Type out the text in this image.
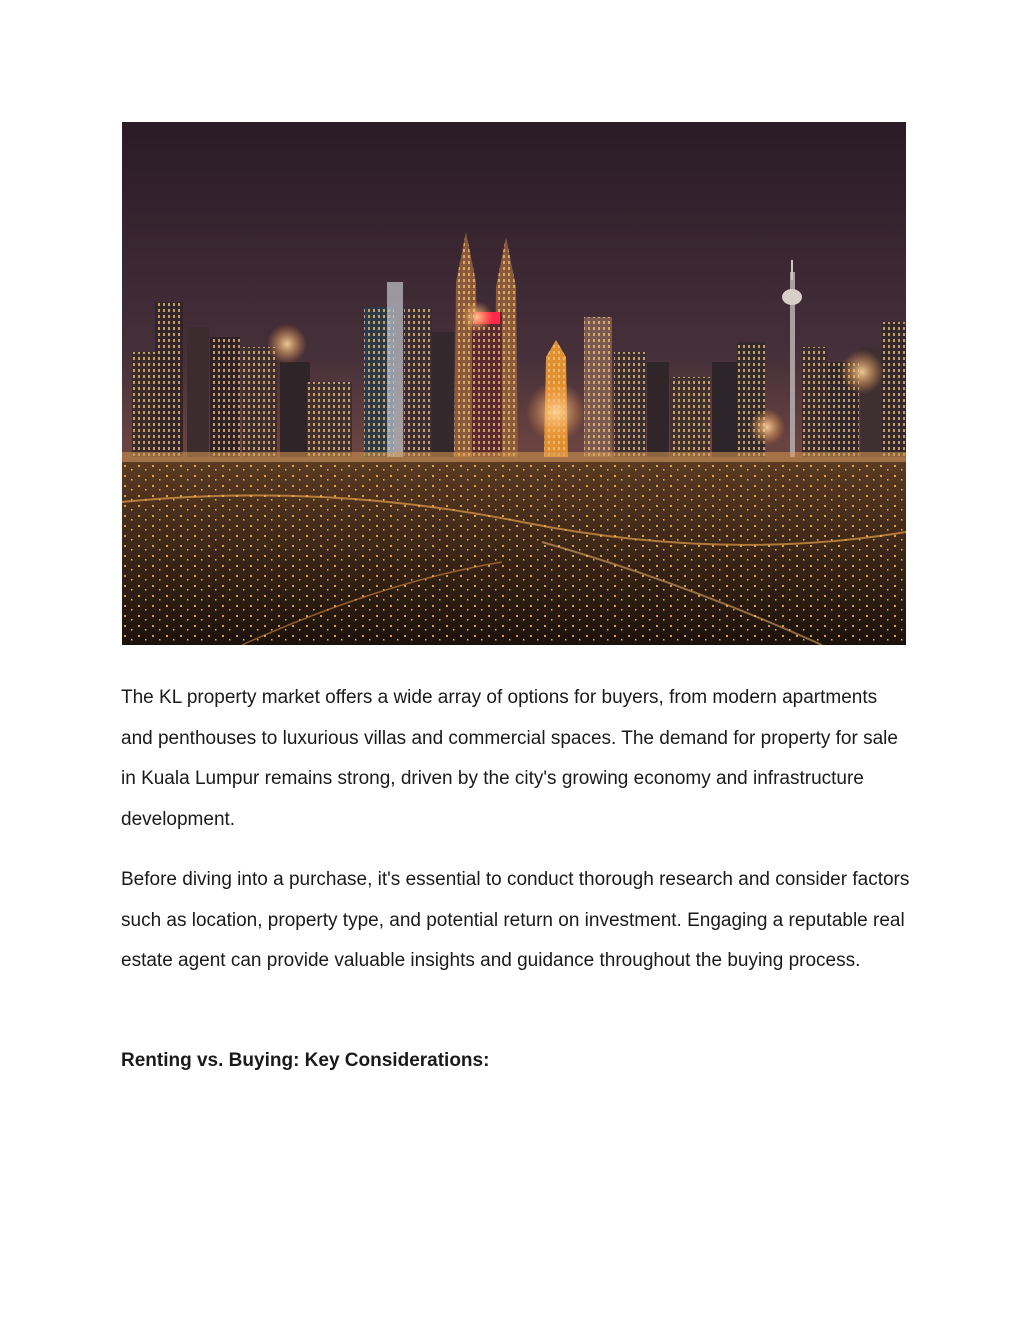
The KL property market offers a wide array of options for buyers, from modern apartments and penthouses to luxurious villas and commercial spaces. The demand for property for sale in Kuala Lumpur remains strong, driven by the city's growing economy and infrastructure development.

Before diving into a purchase, it's essential to conduct thorough research and consider factors such as location, property type, and potential return on investment. Engaging a reputable real estate agent can provide valuable insights and guidance throughout the buying process.

Renting vs. Buying: Key Considerations:
